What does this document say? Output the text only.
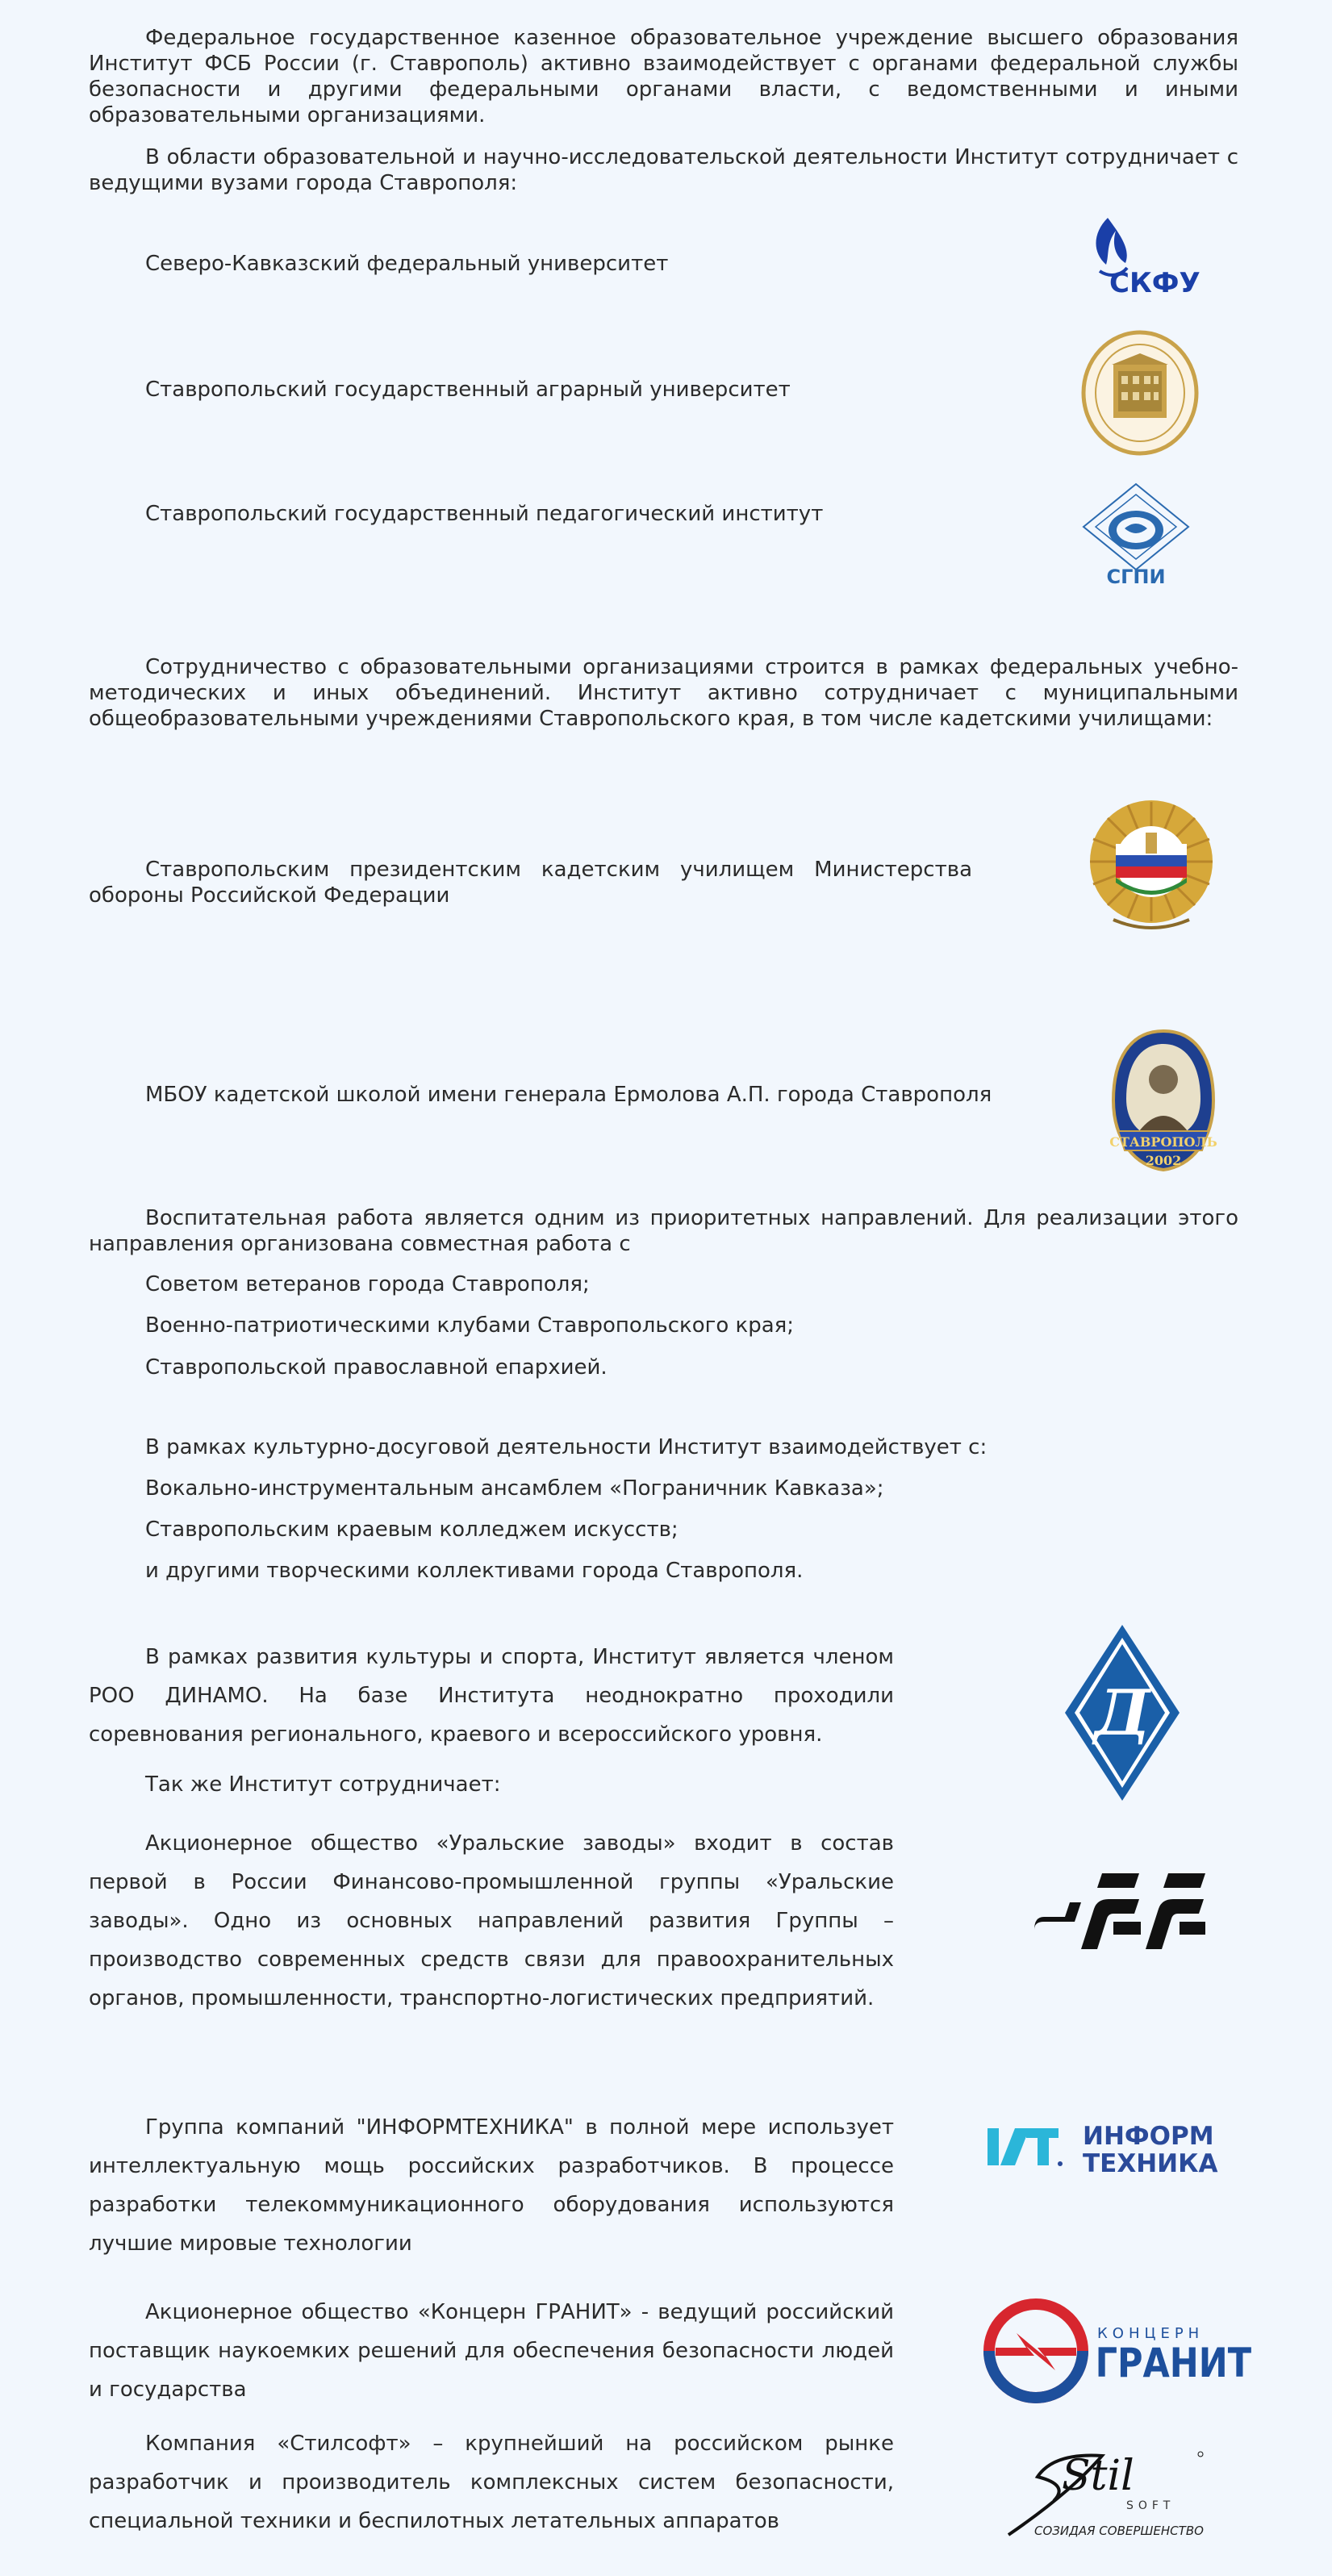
Федеральное государственное казенное образовательное учреждение высшего образования Институт ФСБ России (г. Ставрополь) активно взаимодействует с органами федеральной службы безопасности и другими федеральными органами власти, с ведомственными и иными образовательными организациями.

В области образовательной и научно-исследовательской деятельности Институт сотрудничает с ведущими вузами города Ставрополя:

Северо-Кавказский федеральный университет

СКФУ

Ставропольский государственный аграрный университет

Ставропольский государственный педагогический институт

СГПИ

Сотрудничество с образовательными организациями строится в рамках федеральных учебно-методических и иных объединений. Институт активно сотрудничает с муниципальными общеобразовательными учреждениями Ставропольского края, в том числе кадетскими училищами:

Ставропольским президентским кадетским училищем Министерства обороны Российской Федерации

МБОУ кадетской школой имени генерала Ермолова А.П. города Ставрополя

СТАВРОПОЛЬ
2002

Воспитательная работа является одним из приоритетных направлений. Для реализации этого направления организована совместная работа с

Советом ветеранов города Ставрополя;

Военно-патриотическими клубами Ставропольского края;

Ставропольской православной епархией.

В рамках культурно-досуговой деятельности Институт взаимодействует с:

Вокально-инструментальным ансамблем «Пограничник Кавказа»;

Ставропольским краевым колледжем искусств;

и другими творческими коллективами города Ставрополя.

В рамках развития культуры и спорта, Институт является членом РОО ДИНАМО. На базе Института неоднократно проходили соревнования регионального, краевого и всероссийского уровня.	Д

Так же Институт сотрудничает:

Акционерное общество «Уральские заводы» входит в состав первой в России Финансово-промышленной группы «Уральские заводы». Одно из основных направлений развития Группы – производство современных средств связи для правоохранительных органов, промышленности, транспортно-логистических предприятий.

Группа компаний "ИНФОРМТЕХНИКА" в полной мере использует интеллектуальную мощь российских разработчиков. В процессе разработки телекоммуникационного оборудования используются лучшие мировые технологии

ИНФОРМ
ТЕХНИКА

Акционерное общество «Концерн ГРАНИТ» - ведущий российский поставщик наукоемких решений для обеспечения безопасности людей и государства

КОНЦЕРН
ГРАНИТ

Компания «Стилсофт» – крупнейший на российском рынке разработчик и производитель комплексных систем безопасности, специальной техники и беспилотных летательных аппаратов

Stil
SOFT
СОЗИДАЯ СОВЕРШЕНСТВО
